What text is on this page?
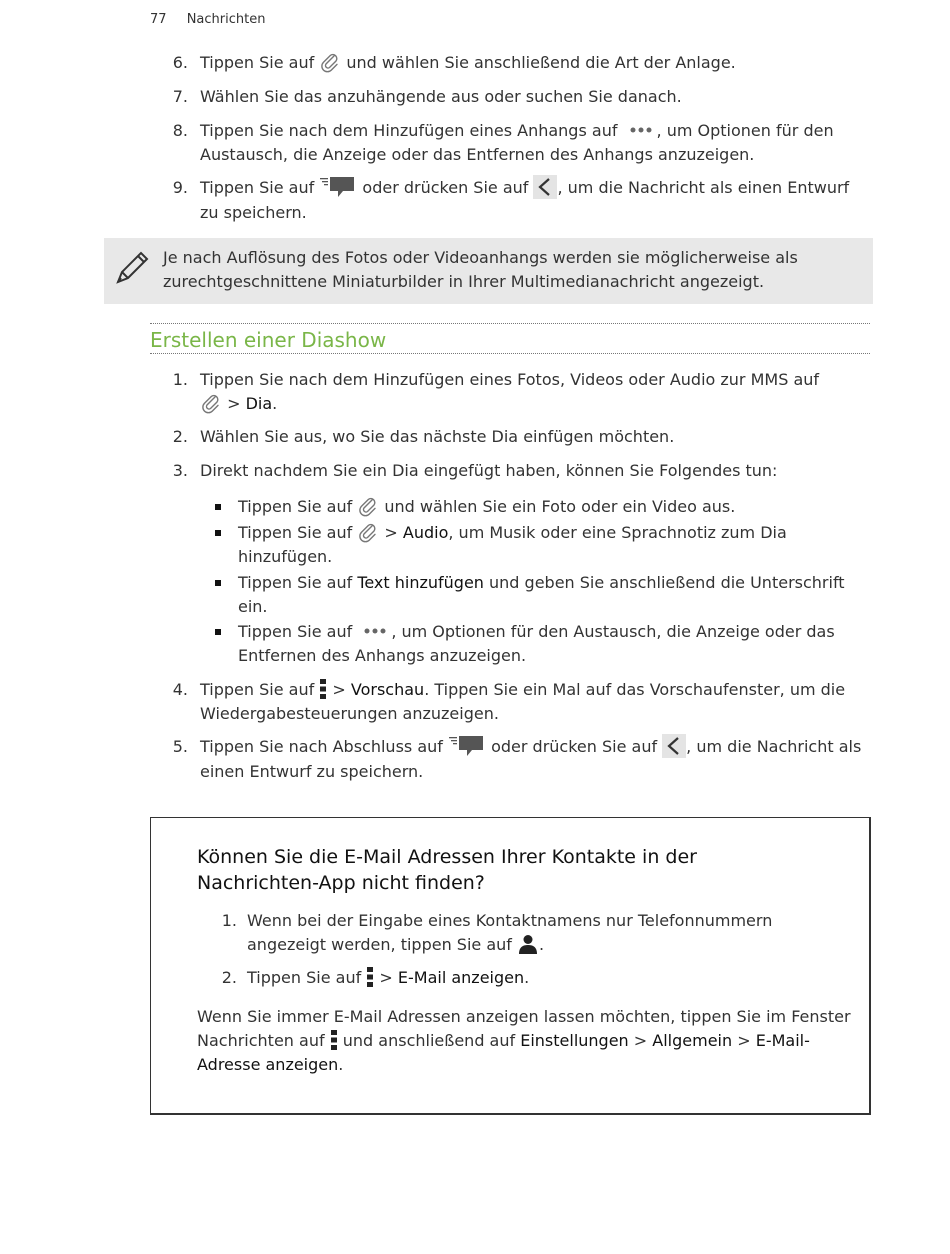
77 Nachrichten
6. Tippen Sie auf
und wählen Sie anschließend die Art der Anlage.
7. Wählen Sie das anzuhängende aus oder suchen Sie danach.
8. Tippen Sie nach dem Hinzufügen eines Anhangs auf
, um Optionen für den Austausch, die Anzeige oder das Entfernen des Anhangs anzuzeigen.
9. Tippen Sie auf
oder drücken Sie auf
, um die Nachricht als einen Entwurf zu speichern.
Je nach Auflösung des Fotos oder Videoanhangs werden sie möglicherweise als zurechtgeschnittene Miniaturbilder in Ihrer Multimedianachricht angezeigt.
Erstellen einer Diashow
1. Tippen Sie nach dem Hinzufügen eines Fotos, Videos oder Audio zur MMS auf

> Dia.
2. Wählen Sie aus, wo Sie das nächste Dia einfügen möchten.
3. Direkt nachdem Sie ein Dia eingefügt haben, können Sie Folgendes tun:
Tippen Sie auf
und wählen Sie ein Foto oder ein Video aus.
Tippen Sie auf
> Audio, um Musik oder eine Sprachnotiz zum Dia hinzufügen.
Tippen Sie auf Text hinzufügen und geben Sie anschließend die Unterschrift ein.
Tippen Sie auf
, um Optionen für den Austausch, die Anzeige oder das Entfernen des Anhangs anzuzeigen.
4. Tippen Sie auf
> Vorschau. Tippen Sie ein Mal auf das Vorschaufenster, um die Wiedergabesteuerungen anzuzeigen.
5. Tippen Sie nach Abschluss auf
oder drücken Sie auf
, um die Nachricht als einen Entwurf zu speichern.
Können Sie die E-Mail Adressen Ihrer Kontakte in der Nachrichten-App nicht finden?
1. Wenn bei der Eingabe eines Kontaktnamens nur Telefonnummern angezeigt werden, tippen Sie auf
.
2. Tippen Sie auf
> E-Mail anzeigen.
Wenn Sie immer E-Mail Adressen anzeigen lassen möchten, tippen Sie im Fenster Nachrichten auf
und anschließend auf Einstellungen > Allgemein > E-Mail-Adresse anzeigen.
